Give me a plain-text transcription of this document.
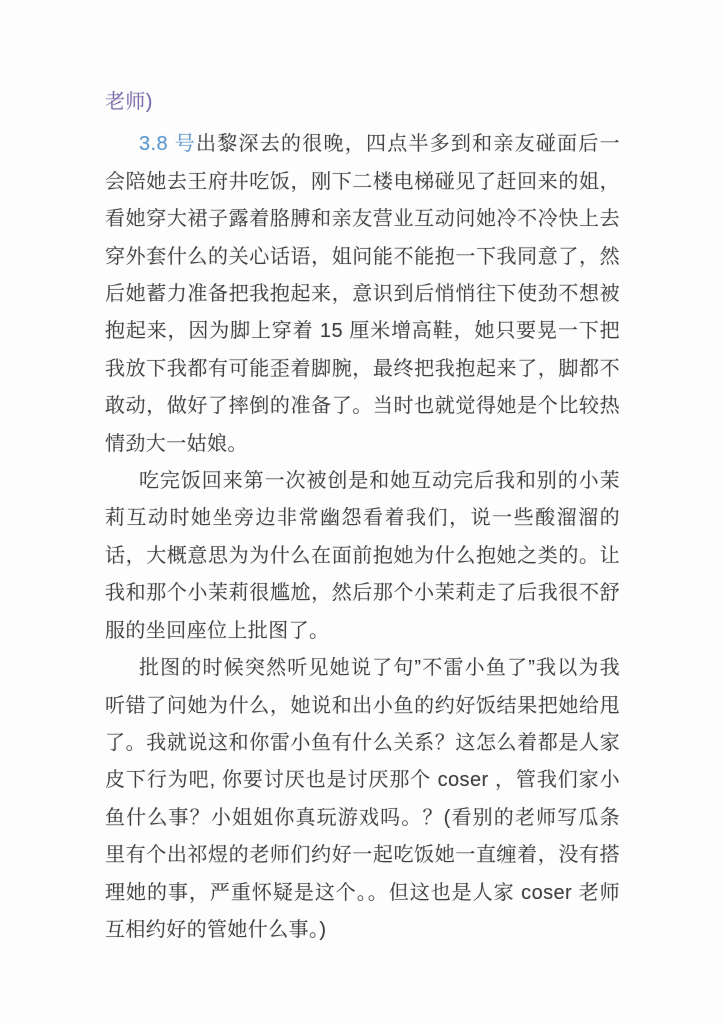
老师)

3.8 号出黎深去的很晚，四点半多到和亲友碰面后一会陪她去王府井吃饭，刚下二楼电梯碰见了赶回来的姐，看她穿大裙子露着胳膊和亲友营业互动问她冷不冷快上去穿外套什么的关心话语，姐问能不能抱一下我同意了，然后她蓄力准备把我抱起来，意识到后悄悄往下使劲不想被抱起来，因为脚上穿着 15 厘米增高鞋，她只要晃一下把我放下我都有可能歪着脚腕，最终把我抱起来了，脚都不敢动，做好了摔倒的准备了。当时也就觉得她是个比较热情劲大一姑娘。

吃完饭回来第一次被创是和她互动完后我和别的小茉莉互动时她坐旁边非常幽怨看着我们，说一些酸溜溜的话，大概意思为为什么在面前抱她为什么抱她之类的。让我和那个小茉莉很尴尬，然后那个小茉莉走了后我很不舒服的坐回座位上批图了。

批图的时候突然听见她说了句”不雷小鱼了”我以为我听错了问她为什么，她说和出小鱼的约好饭结果把她给甩了。我就说这和你雷小鱼有什么关系？这怎么着都是人家皮下行为吧, 你要讨厌也是讨厌那个 coser ，管我们家小鱼什么事？小姐姐你真玩游戏吗。？(看别的老师写瓜条里有个出祁煜的老师们约好一起吃饭她一直缠着，没有搭理她的事，严重怀疑是这个。。但这也是人家 coser 老师互相约好的管她什么事。)
